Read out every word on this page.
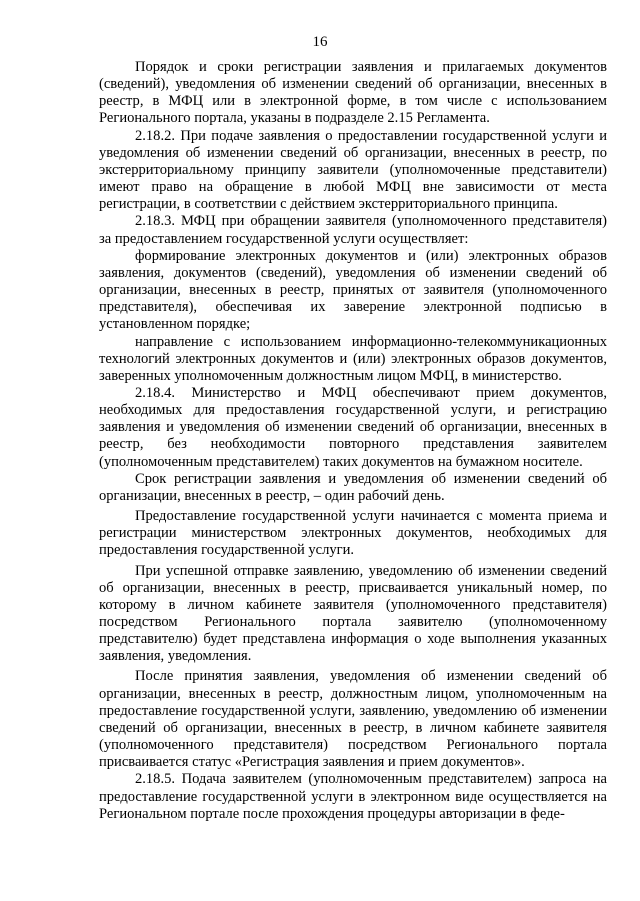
16

Порядок и сроки регистрации заявления и прилагаемых документов (сведений), уведомления об изменении сведений об организации, внесенных в реестр, в МФЦ или в электронной форме, в том числе с использованием Регионального портала, указаны в подразделе 2.15 Регламента.

2.18.2. При подаче заявления о предоставлении государственной услуги и уведомления об изменении сведений об организации, внесенных в реестр, по экстерриториальному принципу заявители (уполномоченные представители) имеют право на обращение в любой МФЦ вне зависимости от места регистрации, в соответствии с действием экстерриториального принципа.

2.18.3. МФЦ при обращении заявителя (уполномоченного представителя) за предоставлением государственной услуги осуществляет:

формирование электронных документов и (или) электронных образов заявления, документов (сведений), уведомления об изменении сведений об организации, внесенных в реестр, принятых от заявителя (уполномоченного представителя), обеспечивая их заверение электронной подписью в установленном порядке;

направление с использованием информационно-телекоммуникационных технологий электронных документов и (или) электронных образов документов, заверенных уполномоченным должностным лицом МФЦ, в министерство.

2.18.4. Министерство и МФЦ обеспечивают прием документов, необходимых для предоставления государственной услуги, и регистрацию заявления и уведомления об изменении сведений об организации, внесенных в реестр, без необходимости повторного представления заявителем (уполномоченным представителем) таких документов на бумажном носителе.

Срок регистрации заявления и уведомления об изменении сведений об организации, внесенных в реестр, – один рабочий день.

Предоставление государственной услуги начинается с момента приема и регистрации министерством электронных документов, необходимых для предоставления государственной услуги.

При успешной отправке заявлению, уведомлению об изменении сведений об организации, внесенных в реестр, присваивается уникальный номер, по которому в личном кабинете заявителя (уполномоченного представителя) посредством Регионального портала заявителю (уполномоченному представителю) будет представлена информация о ходе выполнения указанных заявления, уведомления.

После принятия заявления, уведомления об изменении сведений об организации, внесенных в реестр, должностным лицом, уполномоченным на предоставление государственной услуги, заявлению, уведомлению об изменении сведений об организации, внесенных в реестр, в личном кабинете заявителя (уполномоченного представителя) посредством Регионального портала присваивается статус «Регистрация заявления и прием документов».

2.18.5. Подача заявителем (уполномоченным представителем) запроса на предоставление государственной услуги в электронном виде осуществляется на Региональном портале после прохождения процедуры авторизации в феде-
